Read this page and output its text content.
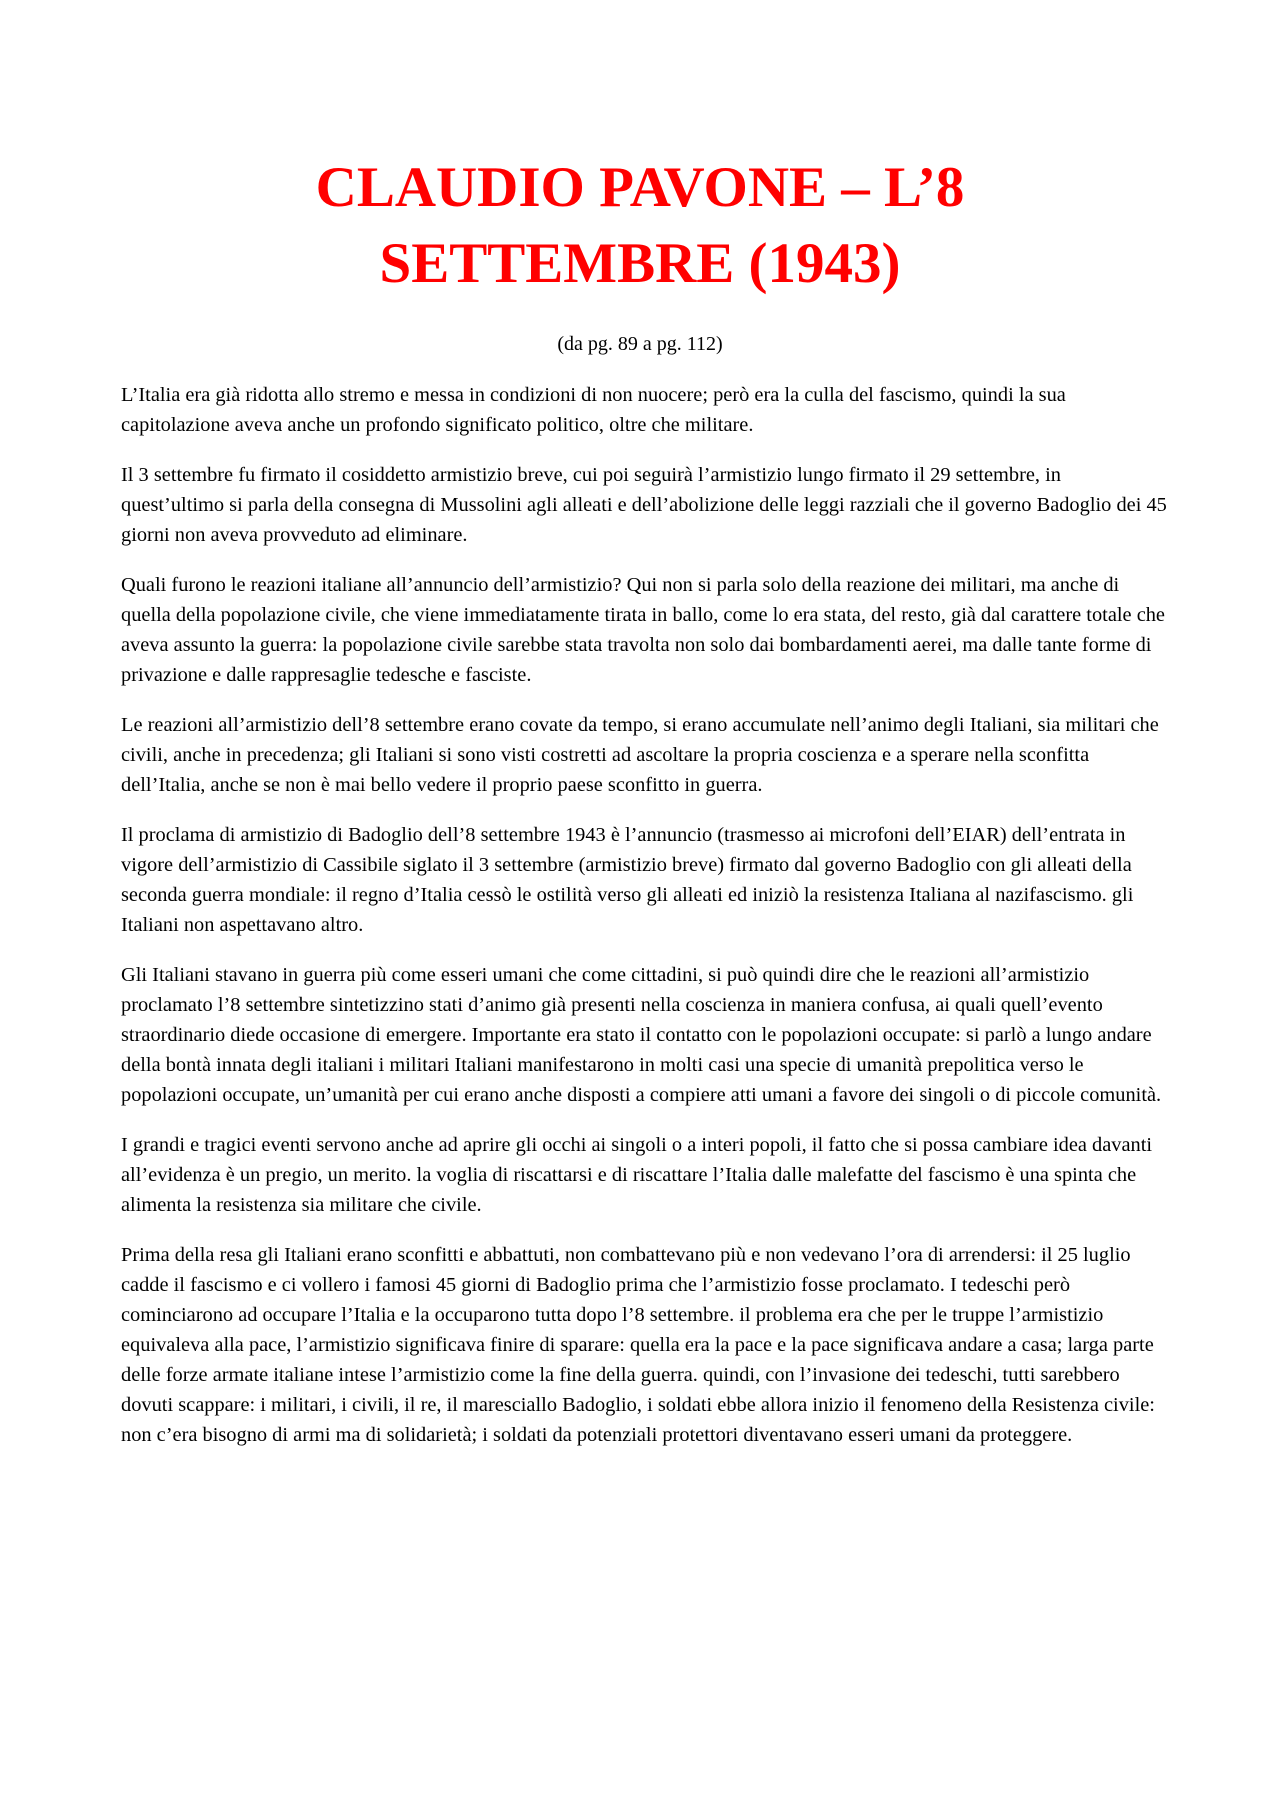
CLAUDIO PAVONE – L’8
SETTEMBRE (1943)

(da pg. 89 a pg. 112)

L’Italia era già ridotta allo stremo e messa in condizioni di non nuocere; però era la culla del fascismo, quindi la sua capitolazione aveva anche un profondo significato politico, oltre che militare.

Il 3 settembre fu firmato il cosiddetto armistizio breve, cui poi seguirà l’armistizio lungo firmato il 29 settembre, in quest’ultimo si parla della consegna di Mussolini agli alleati e dell’abolizione delle leggi razziali che il governo Badoglio dei 45 giorni non aveva provveduto ad eliminare.

Quali furono le reazioni italiane all’annuncio dell’armistizio? Qui non si parla solo della reazione dei militari, ma anche di quella della popolazione civile, che viene immediatamente tirata in ballo, come lo era stata, del resto, già dal carattere totale che aveva assunto la guerra: la popolazione civile sarebbe stata travolta non solo dai bombardamenti aerei, ma dalle tante forme di privazione e dalle rappresaglie tedesche e fasciste.

Le reazioni all’armistizio dell’8 settembre erano covate da tempo, si erano accumulate nell’animo degli Italiani, sia militari che civili, anche in precedenza; gli Italiani si sono visti costretti ad ascoltare la propria coscienza e a sperare nella sconfitta dell’Italia, anche se non è mai bello vedere il proprio paese sconfitto in guerra.

Il proclama di armistizio di Badoglio dell’8 settembre 1943 è l’annuncio (trasmesso ai microfoni dell’EIAR) dell’entrata in vigore dell’armistizio di Cassibile siglato il 3 settembre (armistizio breve) firmato dal governo Badoglio con gli alleati della seconda guerra mondiale: il regno d’Italia cessò le ostilità verso gli alleati ed iniziò la resistenza Italiana al nazifascismo. gli Italiani non aspettavano altro.

Gli Italiani stavano in guerra più come esseri umani che come cittadini, si può quindi dire che le reazioni all’armistizio proclamato l’8 settembre sintetizzino stati d’animo già presenti nella coscienza in maniera confusa, ai quali quell’evento straordinario diede occasione di emergere. Importante era stato il contatto con le popolazioni occupate: si parlò a lungo andare della bontà innata degli italiani i militari Italiani manifestarono in molti casi una specie di umanità prepolitica verso le popolazioni occupate, un’umanità per cui erano anche disposti a compiere atti umani a favore dei singoli o di piccole comunità.

I grandi e tragici eventi servono anche ad aprire gli occhi ai singoli o a interi popoli, il fatto che si possa cambiare idea davanti all’evidenza è un pregio, un merito. la voglia di riscattarsi e di riscattare l’Italia dalle malefatte del fascismo è una spinta che alimenta la resistenza sia militare che civile.

Prima della resa gli Italiani erano sconfitti e abbattuti, non combattevano più e non vedevano l’ora di arrendersi: il 25 luglio cadde il fascismo e ci vollero i famosi 45 giorni di Badoglio prima che l’armistizio fosse proclamato. I tedeschi però cominciarono ad occupare l’Italia e la occuparono tutta dopo l’8 settembre. il problema era che per le truppe l’armistizio equivaleva alla pace, l’armistizio significava finire di sparare: quella era la pace e la pace significava andare a casa; larga parte delle forze armate italiane intese l’armistizio come la fine della guerra. quindi, con l’invasione dei tedeschi, tutti sarebbero dovuti scappare: i militari, i civili, il re, il maresciallo Badoglio, i soldati ebbe allora inizio il fenomeno della Resistenza civile: non c’era bisogno di armi ma di solidarietà; i soldati da potenziali protettori diventavano esseri umani da proteggere.
